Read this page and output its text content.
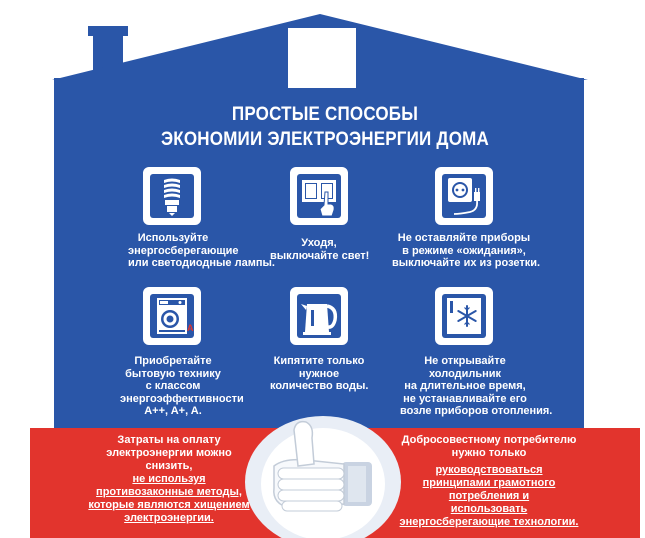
ПРОСТЫЕ СПОСОБЫ
ЭКОНОМИИ ЭЛЕКТРОЭНЕРГИИ ДОМА
Используйте
энергосберегающие
или светодиодные лампы.
Уходя,
выключайте свет!
Не оставляйте приборы
в режиме «ожидания»,
выключайте их из розетки.
A
Приобретайте
бытовую технику
с классом
энергоэффективности
A++, A+, A.
Кипятите только
нужное
количество воды.
Не открывайте
холодильник
на длительное время,
не устанавливайте его
возле приборов отопления.
Затраты на оплату
электроэнергии можно
снизить,
не используя
противозаконные методы,
которые являются хищением
электроэнергии.
Добросовестному потребителю
нужно только
руководствоваться
принципами грамотного
потребления и
использовать
энергосберегающие технологии.
